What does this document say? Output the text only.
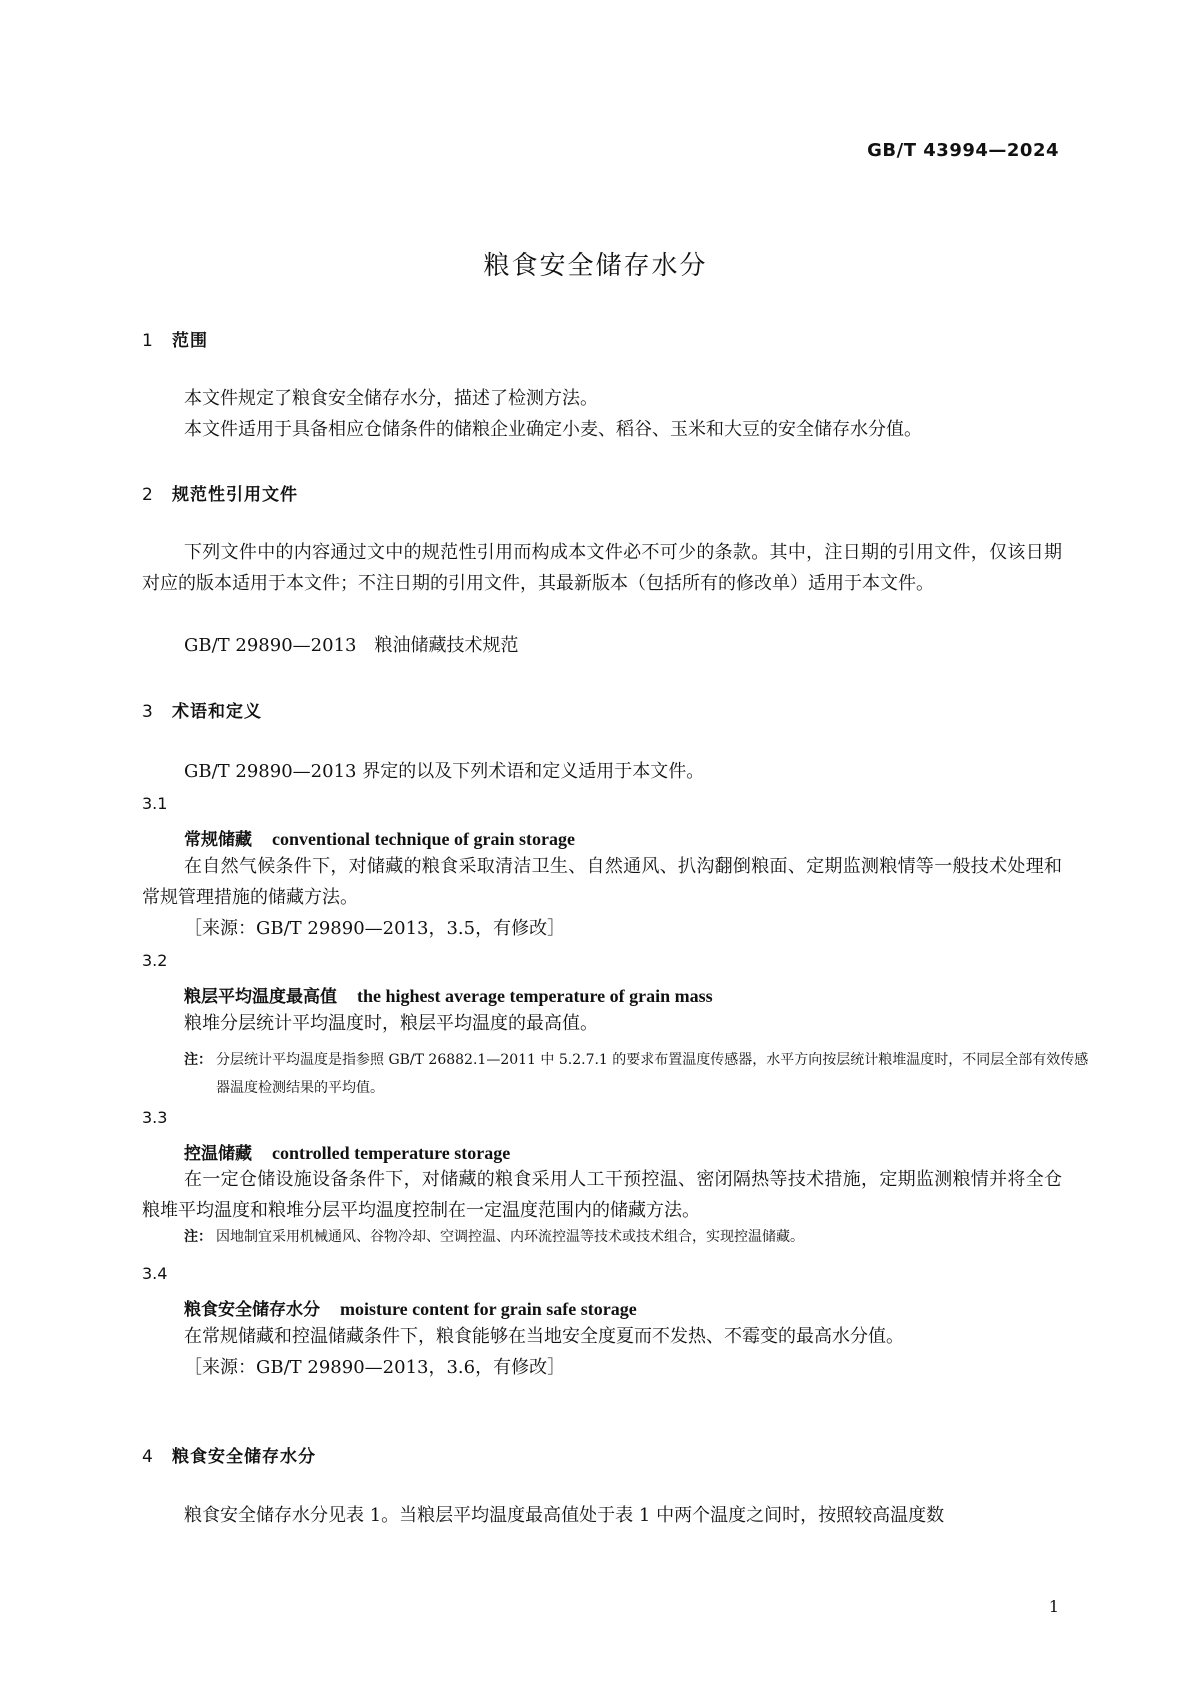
GB/T 43994—2024
粮食安全储存水分
1 范围
本文件规定了粮食安全储存水分，描述了检测方法。
本文件适用于具备相应仓储条件的储粮企业确定小麦、稻谷、玉米和大豆的安全储存水分值。
2 规范性引用文件
下列文件中的内容通过文中的规范性引用而构成本文件必不可少的条款。其中，注日期的引用文件，仅该日期对应的版本适用于本文件；不注日期的引用文件，其最新版本（包括所有的修改单）适用于本文件。
GB/T 29890—2013　粮油储藏技术规范
3 术语和定义
GB/T 29890—2013 界定的以及下列术语和定义适用于本文件。
3.1
常规储藏 conventional technique of grain storage
在自然气候条件下，对储藏的粮食采取清洁卫生、自然通风、扒沟翻倒粮面、定期监测粮情等一般技术处理和常规管理措施的储藏方法。
［来源：GB/T 29890—2013，3.5，有修改］
3.2
粮层平均温度最高值 the highest average temperature of grain mass
粮堆分层统计平均温度时，粮层平均温度的最高值。
注： 分层统计平均温度是指参照 GB/T 26882.1—2011 中 5.2.7.1 的要求布置温度传感器，水平方向按层统计粮堆温度时，不同层全部有效传感器温度检测结果的平均值。
3.3
控温储藏 controlled temperature storage
在一定仓储设施设备条件下，对储藏的粮食采用人工干预控温、密闭隔热等技术措施，定期监测粮情并将全仓粮堆平均温度和粮堆分层平均温度控制在一定温度范围内的储藏方法。
注： 因地制宜采用机械通风、谷物冷却、空调控温、内环流控温等技术或技术组合，实现控温储藏。
3.4
粮食安全储存水分 moisture content for grain safe storage
在常规储藏和控温储藏条件下，粮食能够在当地安全度夏而不发热、不霉变的最高水分值。
［来源：GB/T 29890—2013，3.6，有修改］
4 粮食安全储存水分
粮食安全储存水分见表 1。当粮层平均温度最高值处于表 1 中两个温度之间时，按照较高温度数
1
